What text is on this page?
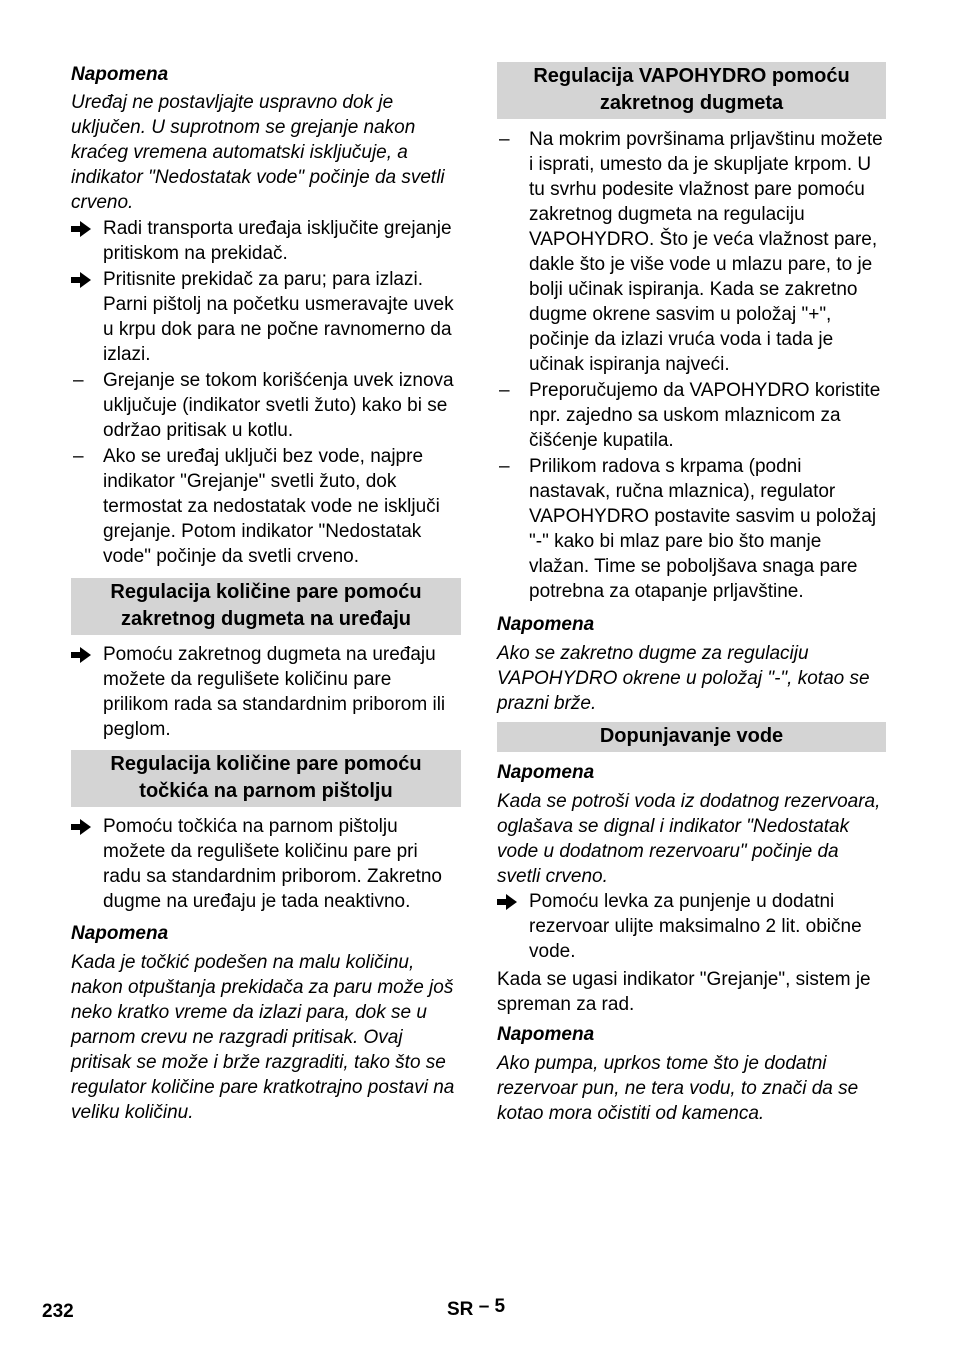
Napomena

Uređaj ne postavljajte uspravno dok je uključen. U suprotnom se grejanje nakon kraćeg vremena automatski isključuje, a indikator "Nedostatak vode" počinje da svetli crveno.

Radi transporta uređaja isključite grejanje pritiskom na prekidač.

Pritisnite prekidač za paru; para izlazi. Parni pištolj na početku usmeravajte uvek u krpu dok para ne počne ravnomerno da izlazi.

–	Grejanje se tokom korišćenja uvek iznova uključuje (indikator svetli žuto) kako bi se održao pritisak u kotlu.

–	Ako se uređaj uključi bez vode, najpre indikator "Grejanje" svetli žuto, dok termostat za nedostatak vode ne isključi grejanje. Potom indikator "Nedostatak vode" počinje da svetli crveno.

Regulacija količine pare pomoću zakretnog dugmeta na uređaju

Pomoću zakretnog dugmeta na uređaju možete da regulišete količinu pare prilikom rada sa standardnim priborom ili peglom.

Regulacija količine pare pomoću točkića na parnom pištolju

Pomoću točkića na parnom pištolju možete da regulišete količinu pare pri radu sa standardnim priborom. Zakretno dugme na uređaju je tada neaktivno.

Napomena

Kada je točkić podešen na malu količinu, nakon otpuštanja prekidača za paru može još neko kratko vreme da izlazi para, dok se u parnom crevu ne razgradi pritisak. Ovaj pritisak se može i brže razgraditi, tako što se regulator količine pare kratkotrajno postavi na veliku količinu.

Regulacija VAPOHYDRO pomoću zakretnog dugmeta

–	Na mokrim površinama prljavštinu možete i isprati, umesto da je skupljate krpom. U tu svrhu podesite vlažnost pare pomoću zakretnog dugmeta na regulaciju VAPOHYDRO. Što je veća vlažnost pare, dakle što je više vode u mlazu pare, to je bolji učinak ispiranja. Kada se zakretno dugme okrene sasvim u položaj "+", počinje da izlazi vruća voda i tada je učinak ispiranja najveći.

–	Preporučujemo da VAPOHYDRO koristite npr. zajedno sa uskom mlaznicom za čišćenje kupatila.

–	Prilikom radova s krpama (podni nastavak, ručna mlaznica), regulator VAPOHYDRO postavite sasvim u položaj "-" kako bi mlaz pare bio što manje vlažan. Time se poboljšava snaga pare potrebna za otapanje prljavštine.

Napomena

Ako se zakretno dugme za regulaciju VAPOHYDRO okrene u položaj "-", kotao se prazni brže.

Dopunjavanje vode

Napomena

Kada se potroši voda iz dodatnog rezervoara, oglašava se dignal i indikator "Nedostatak vode u dodatnom rezervoaru" počinje da svetli crveno.

Pomoću levka za punjenje u dodatni rezervoar ulijte maksimalno 2 lit. obične vode.

Kada se ugasi indikator "Grejanje", sistem je spreman za rad.

Napomena

Ako pumpa, uprkos tome što je dodatni rezervoar pun, ne tera vodu, to znači da se kotao mora očistiti od kamenca.

232	SR – 5
